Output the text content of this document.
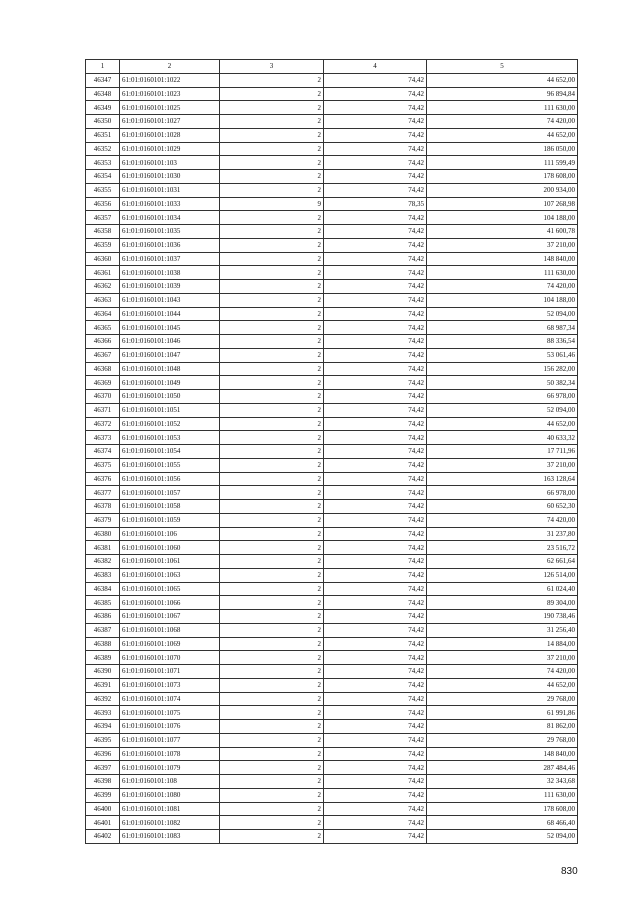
1	2	3	4	5
46347	61:01:0160101:1022	2	74,42	44 652,00
46348	61:01:0160101:1023	2	74,42	96 894,84
46349	61:01:0160101:1025	2	74,42	111 630,00
46350	61:01:0160101:1027	2	74,42	74 420,00
46351	61:01:0160101:1028	2	74,42	44 652,00
46352	61:01:0160101:1029	2	74,42	186 050,00
46353	61:01:0160101:103	2	74,42	111 599,49
46354	61:01:0160101:1030	2	74,42	178 608,00
46355	61:01:0160101:1031	2	74,42	200 934,00
46356	61:01:0160101:1033	9	78,35	107 268,98
46357	61:01:0160101:1034	2	74,42	104 188,00
46358	61:01:0160101:1035	2	74,42	41 600,78
46359	61:01:0160101:1036	2	74,42	37 210,00
46360	61:01:0160101:1037	2	74,42	148 840,00
46361	61:01:0160101:1038	2	74,42	111 630,00
46362	61:01:0160101:1039	2	74,42	74 420,00
46363	61:01:0160101:1043	2	74,42	104 188,00
46364	61:01:0160101:1044	2	74,42	52 094,00
46365	61:01:0160101:1045	2	74,42	68 987,34
46366	61:01:0160101:1046	2	74,42	88 336,54
46367	61:01:0160101:1047	2	74,42	53 061,46
46368	61:01:0160101:1048	2	74,42	156 282,00
46369	61:01:0160101:1049	2	74,42	50 382,34
46370	61:01:0160101:1050	2	74,42	66 978,00
46371	61:01:0160101:1051	2	74,42	52 094,00
46372	61:01:0160101:1052	2	74,42	44 652,00
46373	61:01:0160101:1053	2	74,42	40 633,32
46374	61:01:0160101:1054	2	74,42	17 711,96
46375	61:01:0160101:1055	2	74,42	37 210,00
46376	61:01:0160101:1056	2	74,42	163 128,64
46377	61:01:0160101:1057	2	74,42	66 978,00
46378	61:01:0160101:1058	2	74,42	60 652,30
46379	61:01:0160101:1059	2	74,42	74 420,00
46380	61:01:0160101:106	2	74,42	31 237,80
46381	61:01:0160101:1060	2	74,42	23 516,72
46382	61:01:0160101:1061	2	74,42	62 661,64
46383	61:01:0160101:1063	2	74,42	126 514,00
46384	61:01:0160101:1065	2	74,42	61 024,40
46385	61:01:0160101:1066	2	74,42	89 304,00
46386	61:01:0160101:1067	2	74,42	190 738,46
46387	61:01:0160101:1068	2	74,42	31 256,40
46388	61:01:0160101:1069	2	74,42	14 884,00
46389	61:01:0160101:1070	2	74,42	37 210,00
46390	61:01:0160101:1071	2	74,42	74 420,00
46391	61:01:0160101:1073	2	74,42	44 652,00
46392	61:01:0160101:1074	2	74,42	29 768,00
46393	61:01:0160101:1075	2	74,42	61 991,86
46394	61:01:0160101:1076	2	74,42	81 862,00
46395	61:01:0160101:1077	2	74,42	29 768,00
46396	61:01:0160101:1078	2	74,42	148 840,00
46397	61:01:0160101:1079	2	74,42	287 484,46
46398	61:01:0160101:108	2	74,42	32 343,68
46399	61:01:0160101:1080	2	74,42	111 630,00
46400	61:01:0160101:1081	2	74,42	178 608,00
46401	61:01:0160101:1082	2	74,42	68 466,40
46402	61:01:0160101:1083	2	74,42	52 094,00
830
